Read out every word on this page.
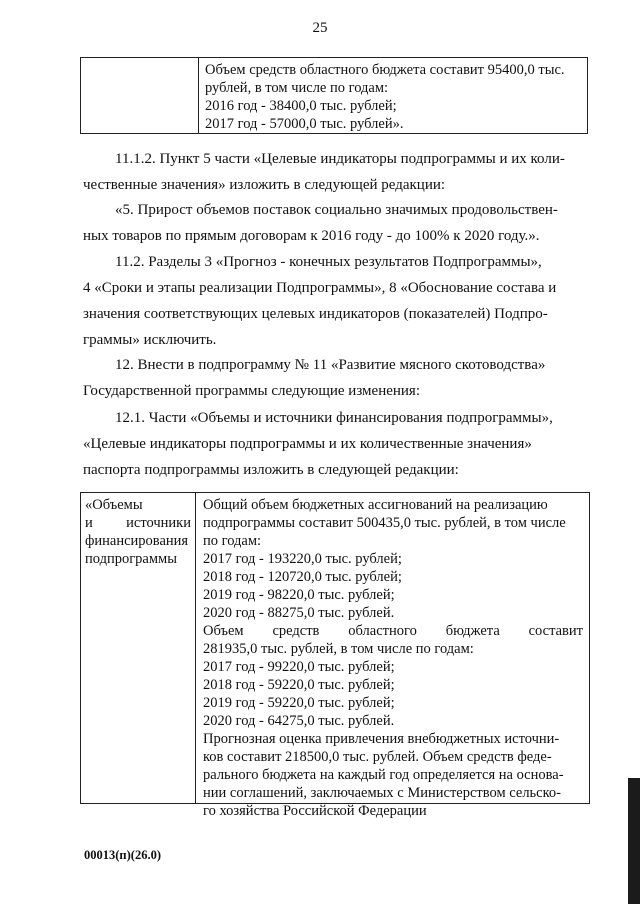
25
Объем средств областного бюджета составит 95400,0 тыс.
рублей, в том числе по годам:
2016 год - 38400,0 тыс. рублей;
2017 год - 57000,0 тыс. рублей».
11.1.2. Пункт 5 части «Целевые индикаторы подпрограммы и их коли-
чественные значения» изложить в следующей редакции:
«5. Прирост объемов поставок социально значимых продовольствен-
ных товаров по прямым договорам к 2016 году - до 100% к 2020 году.».
11.2. Разделы 3 «Прогноз - конечных результатов Подпрограммы»,
4 «Сроки и этапы реализации Подпрограммы», 8 «Обоснование состава и
значения соответствующих целевых индикаторов (показателей) Подпро-
граммы» исключить.
12. Внести в подпрограмму № 11 «Развитие мясного скотоводства»
Государственной программы следующие изменения:
12.1. Части «Объемы и источники финансирования подпрограммы»,
«Целевые индикаторы подпрограммы и их количественные значения»
паспорта подпрограммы изложить в следующей редакции:
«Объемы
и источники
финансирования
подпрограммы
Общий объем бюджетных ассигнований на реализацию
подпрограммы составит 500435,0 тыс. рублей, в том числе
по годам:
2017 год - 193220,0 тыс. рублей;
2018 год - 120720,0 тыс. рублей;
2019 год - 98220,0 тыс. рублей;
2020 год - 88275,0 тыс. рублей.
Объем средств областного бюджета составит
281935,0 тыс. рублей, в том числе по годам:
2017 год - 99220,0 тыс. рублей;
2018 год - 59220,0 тыс. рублей;
2019 год - 59220,0 тыс. рублей;
2020 год - 64275,0 тыс. рублей.
Прогнозная оценка привлечения внебюджетных источни-
ков составит 218500,0 тыс. рублей. Объем средств феде-
рального бюджета на каждый год определяется на основа-
нии соглашений, заключаемых с Министерством сельско-
го хозяйства Российской Федерации
00013(п)(26.0)
